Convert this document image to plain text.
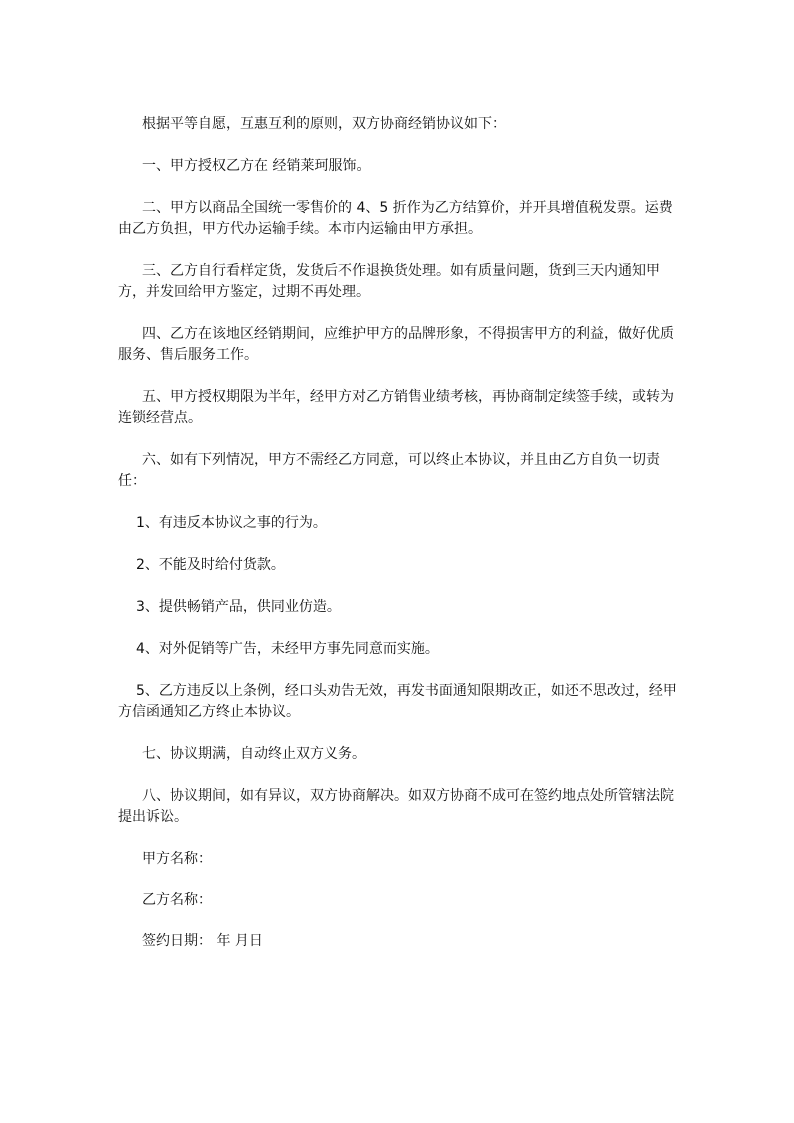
根据平等自愿，互惠互利的原则，双方协商经销协议如下：

一、甲方授权乙方在 经销莱珂服饰。

二、甲方以商品全国统一零售价的 4、5 折作为乙方结算价，并开具增值税发票。运费由乙方负担，甲方代办运输手续。本市内运输由甲方承担。

三、乙方自行看样定货，发货后不作退换货处理。如有质量问题，货到三天内通知甲方，并发回给甲方鉴定，过期不再处理。

四、乙方在该地区经销期间，应维护甲方的品牌形象，不得损害甲方的利益，做好优质服务、售后服务工作。

五、甲方授权期限为半年，经甲方对乙方销售业绩考核，再协商制定续签手续，或转为连锁经营点。

六、如有下列情况，甲方不需经乙方同意，可以终止本协议，并且由乙方自负一切责任：

1、有违反本协议之事的行为。

2、不能及时给付货款。

3、提供畅销产品，供同业仿造。

4、对外促销等广告，未经甲方事先同意而实施。

5、乙方违反以上条例，经口头劝告无效，再发书面通知限期改正，如还不思改过，经甲方信函通知乙方终止本协议。

七、协议期满，自动终止双方义务。

八、协议期间，如有异议，双方协商解决。如双方协商不成可在签约地点处所管辖法院提出诉讼。

甲方名称：

乙方名称：

签约日期： 年 月日
